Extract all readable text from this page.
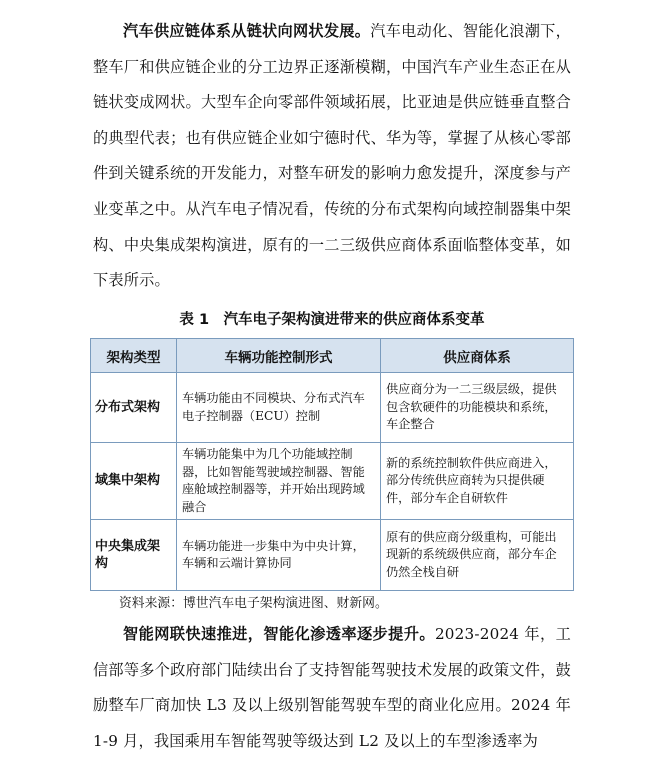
汽车供应链体系从链状向网状发展。汽车电动化、智能化浪潮下，整车厂和供应链企业的分工边界正逐渐模糊，中国汽车产业生态正在从链状变成网状。大型车企向零部件领域拓展，比亚迪是供应链垂直整合的典型代表；也有供应链企业如宁德时代、华为等，掌握了从核心零部件到关键系统的开发能力，对整车研发的影响力愈发提升，深度参与产业变革之中。从汽车电子情况看，传统的分布式架构向域控制器集中架构、中央集成架构演进，原有的一二三级供应商体系面临整体变革，如下表所示。

表 1　汽车电子架构演进带来的供应商体系变革
架构类型	车辆功能控制形式	供应商体系
分布式架构	车辆功能由不同模块、分布式汽车电子控制器（ECU）控制	供应商分为一二三级层级，提供包含软硬件的功能模块和系统，车企整合
域集中架构	车辆功能集中为几个功能域控制器，比如智能驾驶域控制器、智能座舱域控制器等，并开始出现跨域融合	新的系统控制软件供应商进入，部分传统供应商转为只提供硬件，部分车企自研软件
中央集成架构	车辆功能进一步集中为中央计算，车辆和云端计算协同	原有的供应商分级重构，可能出现新的系统级供应商，部分车企仍然全栈自研
资料来源：博世汽车电子架构演进图、财新网。

智能网联快速推进，智能化渗透率逐步提升。2023-2024 年，工信部等多个政府部门陆续出台了支持智能驾驶技术发展的政策文件，鼓励整车厂商加快 L3 及以上级别智能驾驶车型的商业化应用。2024 年 1-9 月，我国乘用车智能驾驶等级达到 L2 及以上的车型渗透率为
